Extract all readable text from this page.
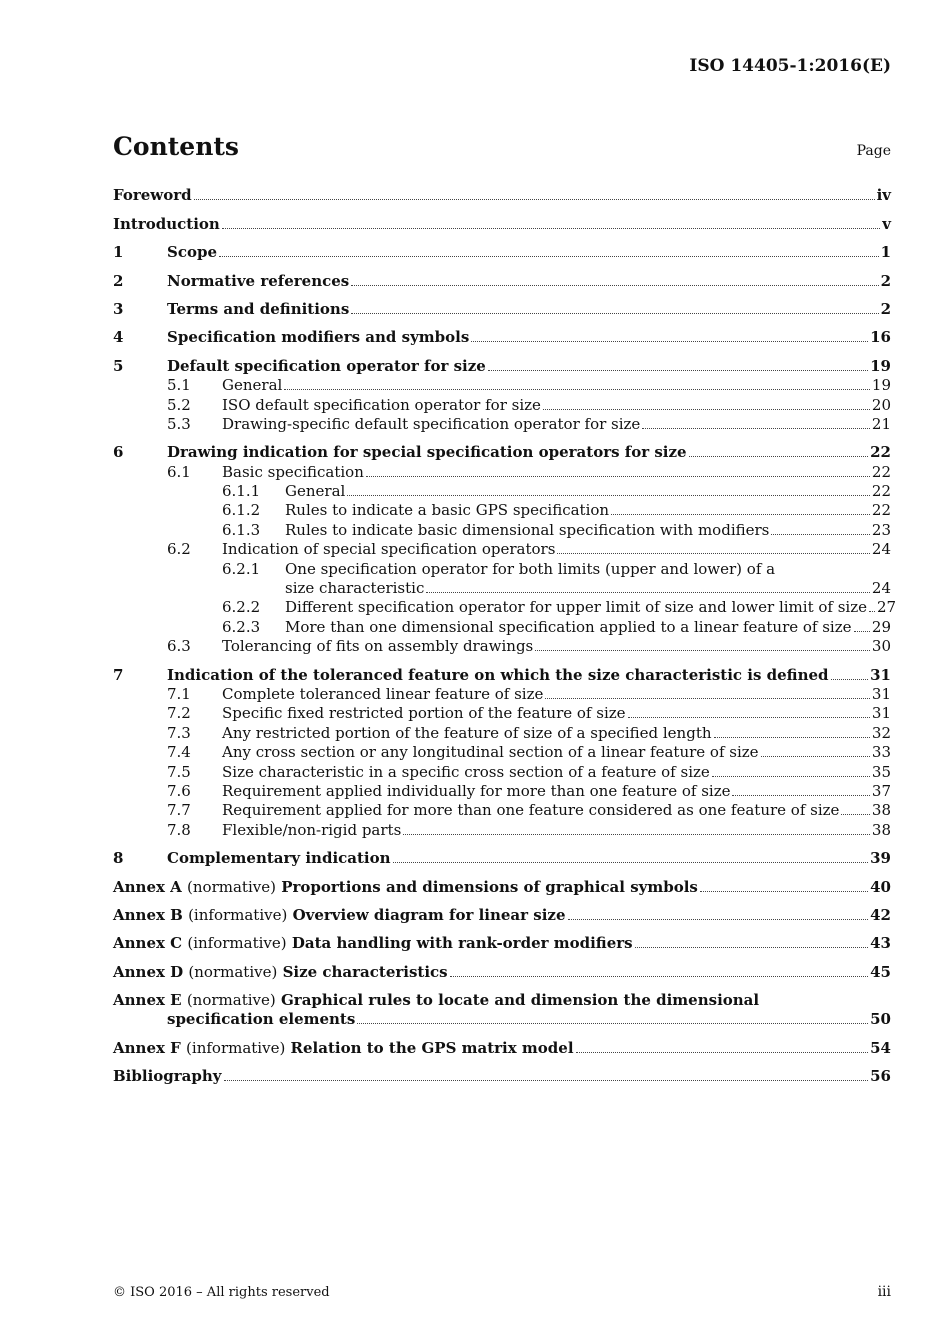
ISO 14405-1:2016(E)
Contents	Page
Foreword	iv
Introduction	v
1	Scope	1
2	Normative references	2
3	Terms and definitions	2
4	Specification modifiers and symbols	16
5	Default specification operator for size	19
5.1	General	19
5.2	ISO default specification operator for size	20
5.3	Drawing-specific default specification operator for size	21
6	Drawing indication for special specification operators for size	22
6.1	Basic specification	22
6.1.1	General	22
6.1.2	Rules to indicate a basic GPS specification	22
6.1.3	Rules to indicate basic dimensional specification with modifiers	23
6.2	Indication of special specification operators	24
6.2.1	One specification operator for both limits (upper and lower) of a
size characteristic	24
6.2.2	Different specification operator for upper limit of size and lower limit of size 27
6.2.3	More than one dimensional specification applied to a linear feature of size 29
6.3	Tolerancing of fits on assembly drawings	30
7	Indication of the toleranced feature on which the size characteristic is defined	31
7.1	Complete toleranced linear feature of size	31
7.2	Specific fixed restricted portion of the feature of size	31
7.3	Any restricted portion of the feature of size of a specified length	32
7.4	Any cross section or any longitudinal section of a linear feature of size	33
7.5	Size characteristic in a specific cross section of a feature of size	35
7.6	Requirement applied individually for more than one feature of size	37
7.7	Requirement applied for more than one feature considered as one feature of size 38
7.8	Flexible/non-rigid parts	38
8	Complementary indication	39
Annex A (normative) Proportions and dimensions of graphical symbols	40
Annex B (informative) Overview diagram for linear size	42
Annex C (informative) Data handling with rank-order modifiers	43
Annex D (normative) Size characteristics	45
Annex E (normative) Graphical rules to locate and dimension the dimensional
specification elements	50
Annex F (informative) Relation to the GPS matrix model	54
Bibliography	56
© ISO 2016 – All rights reserved	iii
